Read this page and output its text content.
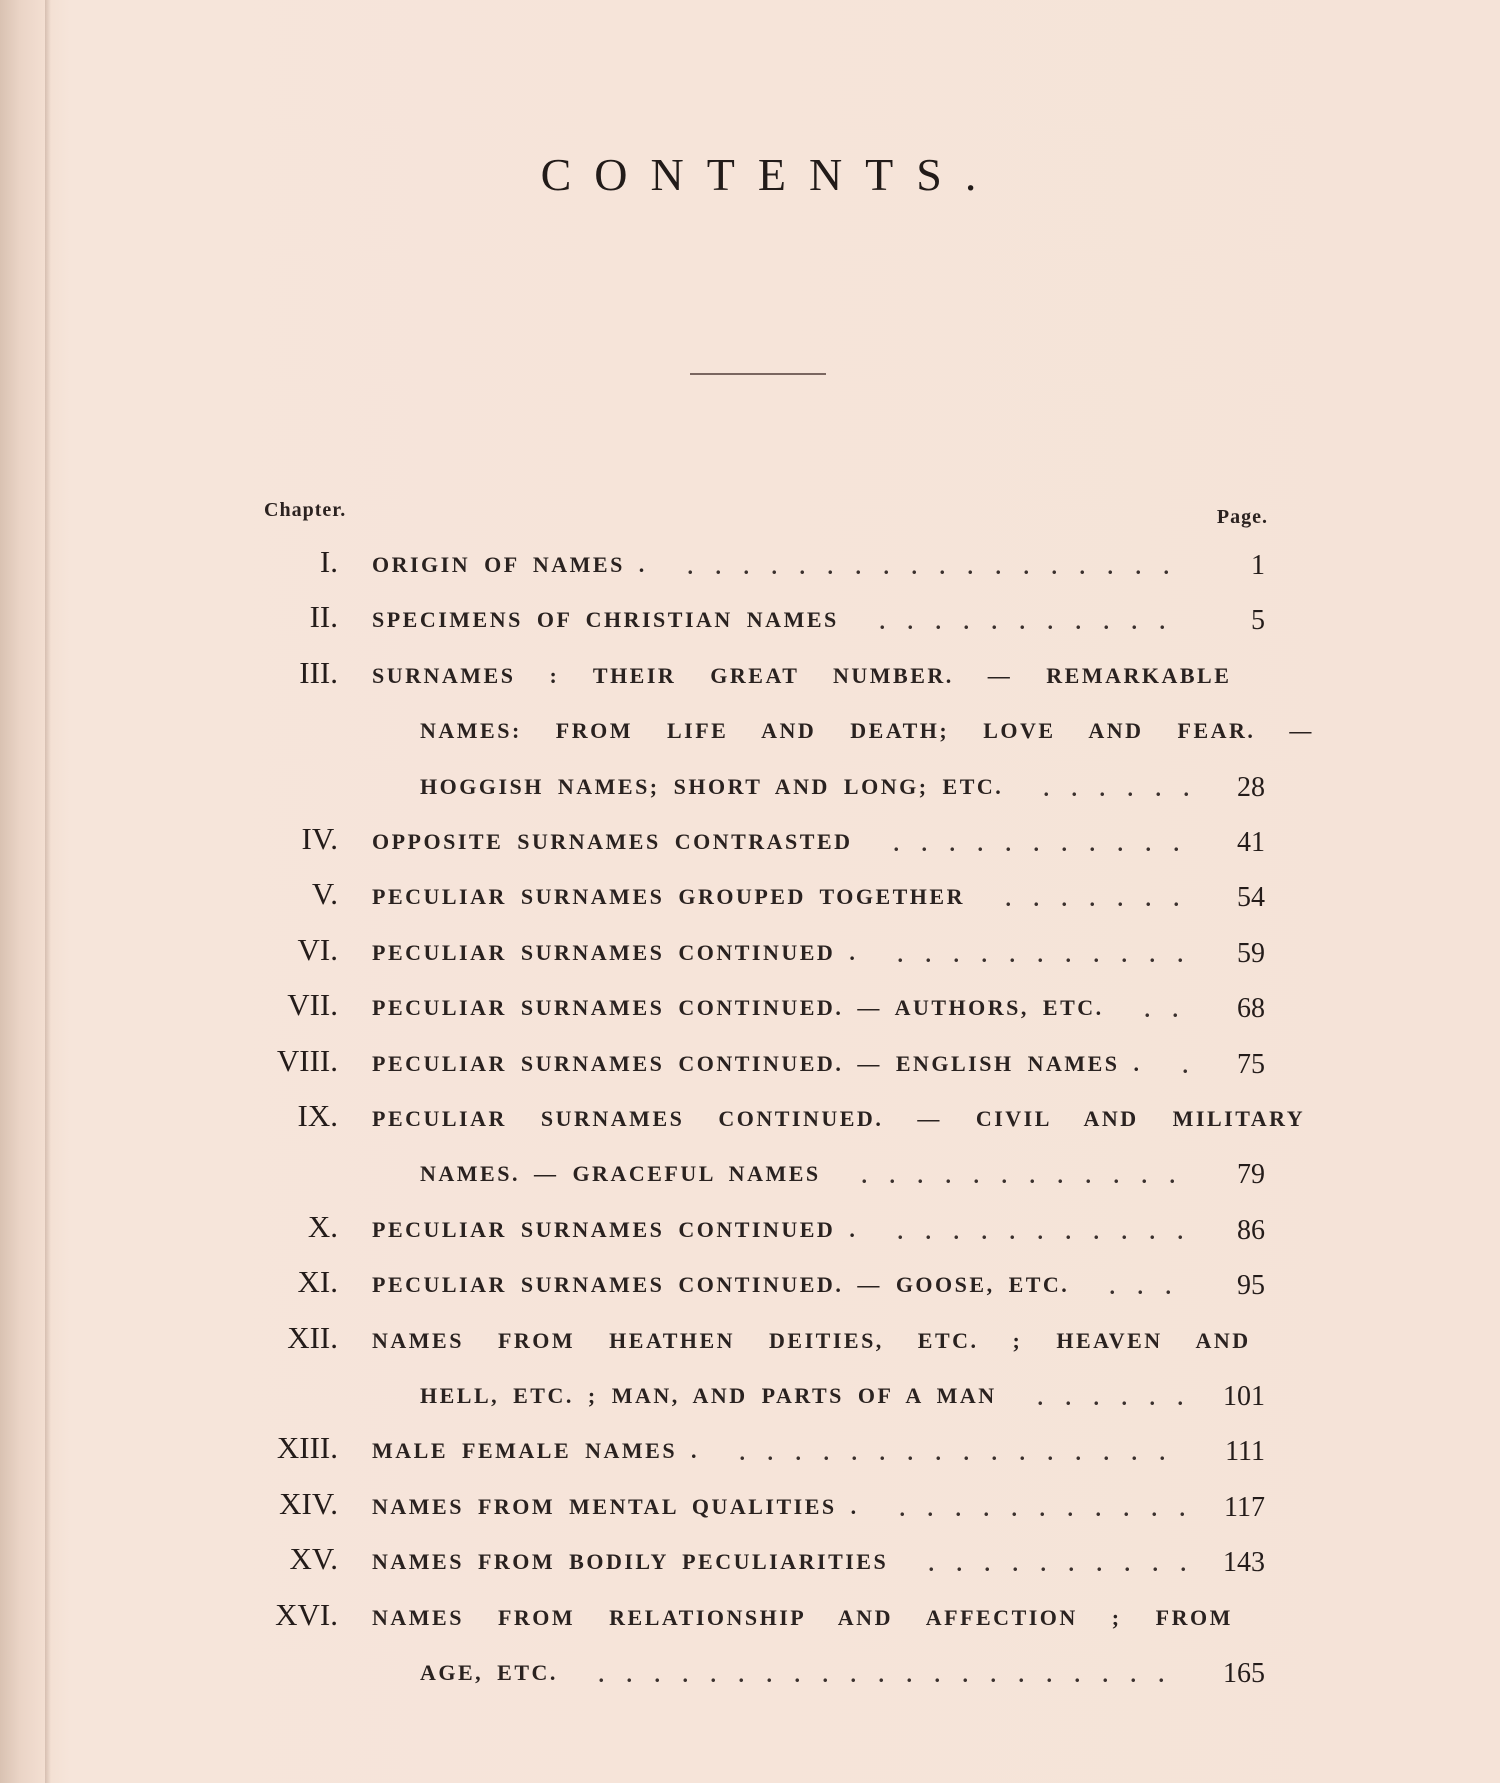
CONTENTS.
Chapter.	Page.
I. ORIGIN OF NAMES .	. . . . . . . . . . . . . . . . . .	1
II. SPECIMENS OF CHRISTIAN NAMES	. . . . . . . . . . .	5
III. SURNAMES : THEIR GREAT NUMBER. — REMARKABLE
NAMES: FROM LIFE AND DEATH; LOVE AND FEAR. —
HOGGISH NAMES; SHORT AND LONG; ETC.	. . . . . . 28
IV. OPPOSITE SURNAMES CONTRASTED	. . . . . . . . . . .	41
V. PECULIAR SURNAMES GROUPED TOGETHER	. . . . . . .	54
VI. PECULIAR SURNAMES CONTINUED .	. . . . . . . . . . . 59
VII. PECULIAR SURNAMES CONTINUED. — AUTHORS, ETC.	. .	68
VIII. PECULIAR SURNAMES CONTINUED. — ENGLISH NAMES .	. 75
IX. PECULIAR SURNAMES CONTINUED. — CIVIL AND MILITARY
NAMES. — GRACEFUL NAMES	. . . . . . . . . . . .	79
X. PECULIAR SURNAMES CONTINUED .	. . . . . . . . . . . 86
XI. PECULIAR SURNAMES CONTINUED. — GOOSE, ETC.	. . .	95
XII. NAMES FROM HEATHEN DEITIES, ETC. ; HEAVEN AND
HELL, ETC. ; MAN, AND PARTS OF A MAN	. . . . . . 101
XIII. MALE FEMALE NAMES .	. . . . . . . . . . . . . . . .	111
XIV. NAMES FROM MENTAL QUALITIES .	. . . . . . . . . . . 117
XV. NAMES FROM BODILY PECULIARITIES	. . . . . . . . . . 143
XVI. NAMES FROM RELATIONSHIP AND AFFECTION ; FROM
AGE, ETC.	. . . . . . . . . . . . . . . . . . . . .	165
